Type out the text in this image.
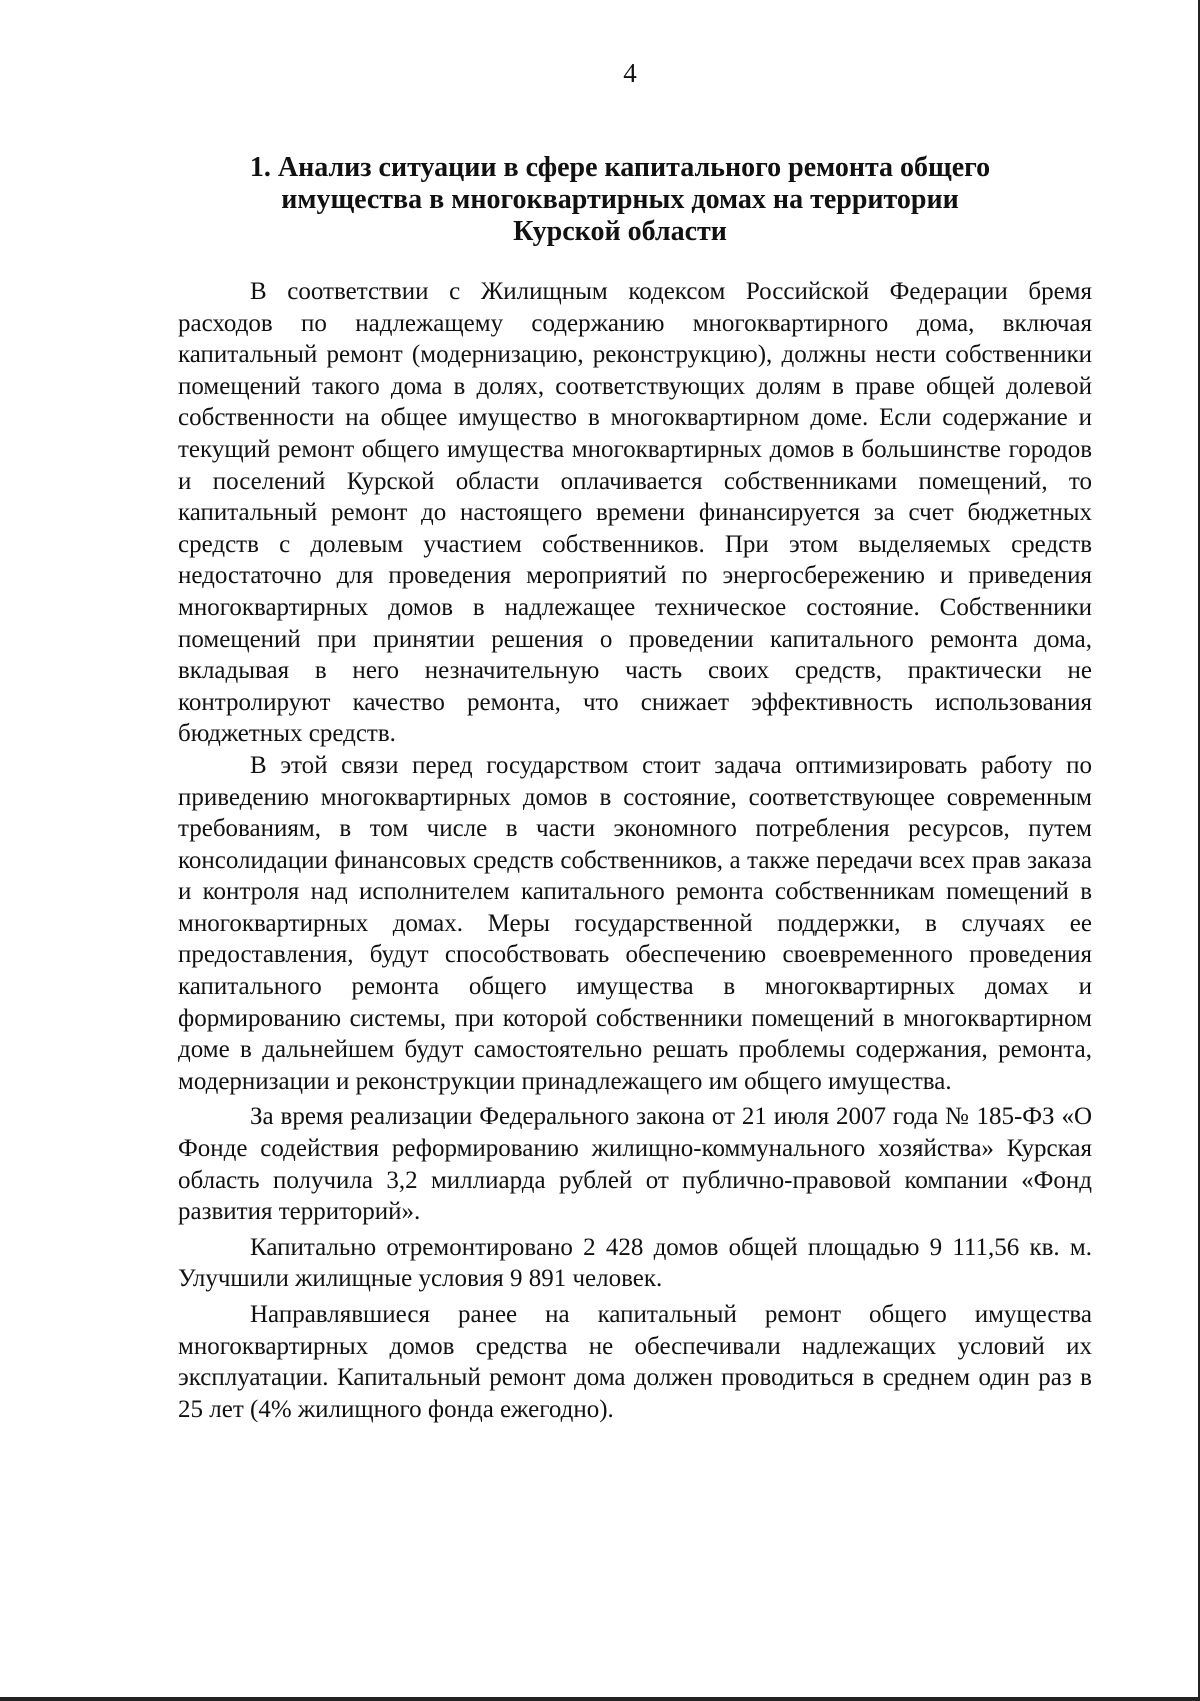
4
1. Анализ ситуации в сфере капитального ремонта общего
имущества в многоквартирных домах на территории
Курской области

В соответствии с Жилищным кодексом Российской Федерации бремя расходов по надлежащему содержанию многоквартирного дома, включая капитальный ремонт (модернизацию, реконструкцию), должны нести собственники помещений такого дома в долях, соответствующих долям в праве общей долевой собственности на общее имущество в многоквартирном доме. Если содержание и текущий ремонт общего имущества многоквартирных домов в большинстве городов и поселений Курской области оплачивается собственниками помещений, то капитальный ремонт до настоящего времени финансируется за счет бюджетных средств с долевым участием собственников. При этом выделяемых средств недостаточно для проведения мероприятий по энергосбережению и приведения многоквартирных домов в надлежащее техническое состояние. Собственники помещений при принятии решения о проведении капитального ремонта дома, вкладывая в него незначительную часть своих средств, практически не контролируют качество ремонта, что снижает эффективность использования бюджетных средств.

В этой связи перед государством стоит задача оптимизировать работу по приведению многоквартирных домов в состояние, соответствующее современным требованиям, в том числе в части экономного потребления ресурсов, путем консолидации финансовых средств собственников, а также передачи всех прав заказа и контроля над исполнителем капитального ремонта собственникам помещений в многоквартирных домах. Меры государственной поддержки, в случаях ее предоставления, будут способствовать обеспечению своевременного проведения капитального ремонта общего имущества в многоквартирных домах и формированию системы, при которой собственники помещений в многоквартирном доме в дальнейшем будут самостоятельно решать проблемы содержания, ремонта, модернизации и реконструкции принадлежащего им общего имущества.

За время реализации Федерального закона от 21 июля 2007 года № 185-ФЗ «О Фонде содействия реформированию жилищно-коммунального хозяйства» Курская область получила 3,2 миллиарда рублей от публично-правовой компании «Фонд развития территорий».

Капитально отремонтировано 2 428 домов общей площадью 9 111,56 кв. м. Улучшили жилищные условия 9 891 человек.

Направлявшиеся ранее на капитальный ремонт общего имущества многоквартирных домов средства не обеспечивали надлежащих условий их эксплуатации. Капитальный ремонт дома должен проводиться в среднем один раз в 25 лет (4% жилищного фонда ежегодно).
